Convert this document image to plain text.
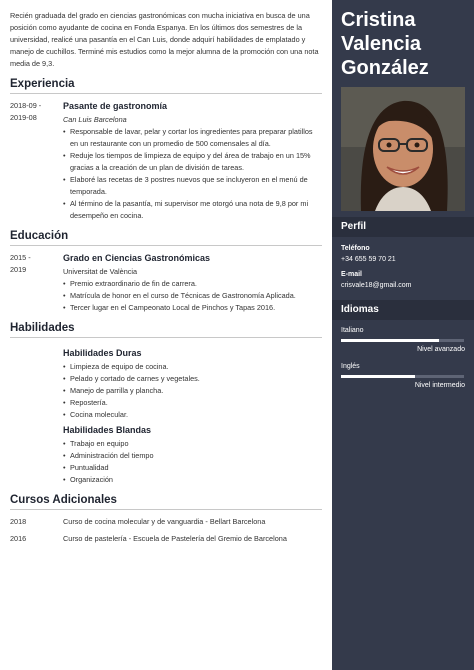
Recién graduada del grado en ciencias gastronómicas con mucha iniciativa en busca de una posición como ayudante de cocina en Fonda Espanya. En los últimos dos semestres de la universidad, realicé una pasantía en el Can Luis, donde adquirí habilidades de emplatado y manejo de cuchillos. Terminé mis estudios como la mejor alumna de la promoción con una nota media de 9,3.

Experiencia
2018-09 -
2019-08
Pasante de gastronomía
Can Luis Barcelona
• Responsable de lavar, pelar y cortar los ingredientes para preparar platillos en un restaurante con un promedio de 500 comensales al día.
• Reduje los tiempos de limpieza de equipo y del área de trabajo en un 15% gracias a la creación de un plan de división de tareas.
• Elaboré las recetas de 3 postres nuevos que se incluyeron en el menú de temporada.
• Al término de la pasantía, mi supervisor me otorgó una nota de 9,8 por mi desempeño en cocina.
Educación
2015 -
2019
Grado en Ciencias Gastronómicas
Universitat de València
• Premio extraordinario de fin de carrera.
• Matrícula de honor en el curso de Técnicas de Gastronomía Aplicada.
• Tercer lugar en el Campeonato Local de Pinchos y Tapas 2016.
Habilidades
Habilidades Duras
• Limpieza de equipo de cocina.
• Pelado y cortado de carnes y vegetales.
• Manejo de parrilla y plancha.
• Repostería.
• Cocina molecular.
Habilidades Blandas
• Trabajo en equipo
• Administración del tiempo
• Puntualidad
• Organización
Cursos Adicionales
2018	Curso de cocina molecular y de vanguardia - Bellart Barcelona
2016	Curso de pastelería - Escuela de Pastelería del Gremio de Barcelona
Cristina
Valencia
González
Perfil
Teléfono
+34 655 59 70 21
E-mail
crisvale18@gmail.com
Idiomas
Italiano
Nivel avanzado
Inglés
Nivel intermedio
